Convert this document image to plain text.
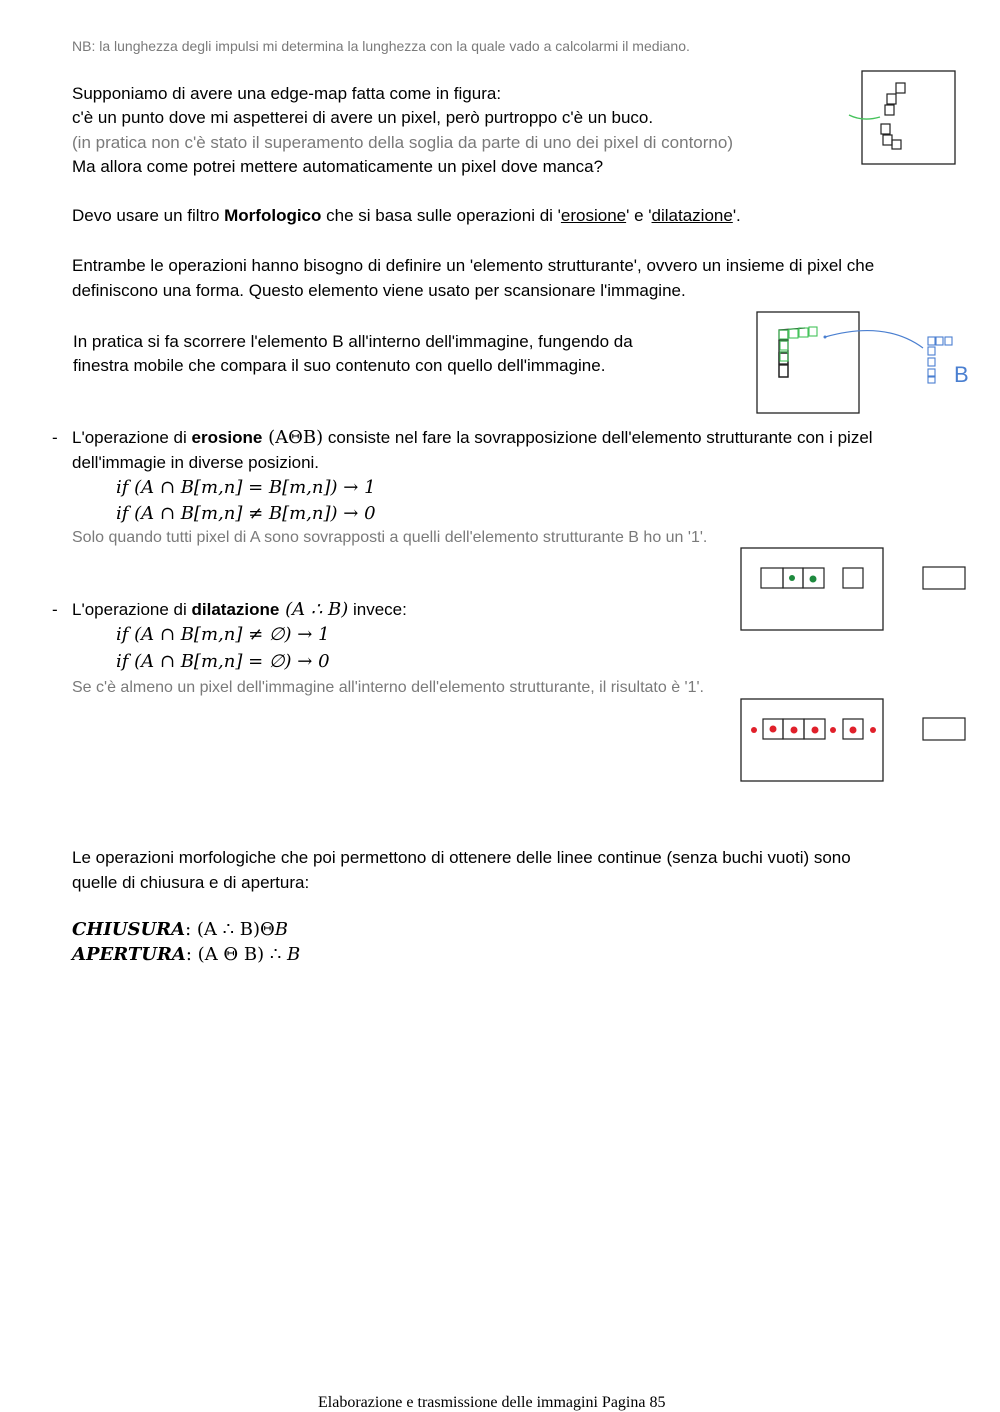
NB: la lunghezza degli impulsi mi determina la lunghezza con la quale vado a calcolarmi il mediano.
Supponiamo di avere una edge-map fatta come in figura:
c'è un punto dove mi aspetterei di avere un pixel, però purtroppo c'è un buco.
(in pratica non c'è stato il superamento della soglia da parte di uno dei pixel di contorno)
Ma allora come potrei mettere automaticamente un pixel dove manca?
Devo usare un filtro Morfologico che si basa sulle operazioni di 'erosione' e 'dilatazione'.
Entrambe le operazioni hanno bisogno di definire un 'elemento strutturante', ovvero un insieme di pixel che
definiscono una forma. Questo elemento viene usato per scansionare l'immagine.
In pratica si fa scorrere l'elemento B all'interno dell'immagine, fungendo da
finestra mobile che compara il suo contenuto con quello dell'immagine.	B
- L'operazione di erosione (AΘB) consiste nel fare la sovrapposizione dell'elemento strutturante con i pizel
dell'immagie in diverse posizioni.
if (A ∩ B[m,n] = B[m,n]) → 1
if (A ∩ B[m,n] ≠ B[m,n]) → 0
Solo quando tutti pixel di A sono sovrapposti a quelli dell'elemento strutturante B ho un '1'.
- L'operazione di dilatazione (A ∴ B) invece:
if (A ∩ B[m,n] ≠ ∅) → 1
if (A ∩ B[m,n] = ∅) → 0
Se c'è almeno un pixel dell'immagine all'interno dell'elemento strutturante, il risultato è '1'.
Le operazioni morfologiche che poi permettono di ottenere delle linee continue (senza buchi vuoti) sono
quelle di chiusura e di apertura:
CHIUSURA: (A ∴ B)ΘB
APERTURA: (A Θ B) ∴ B
Elaborazione e trasmissione delle immagini Pagina 85
